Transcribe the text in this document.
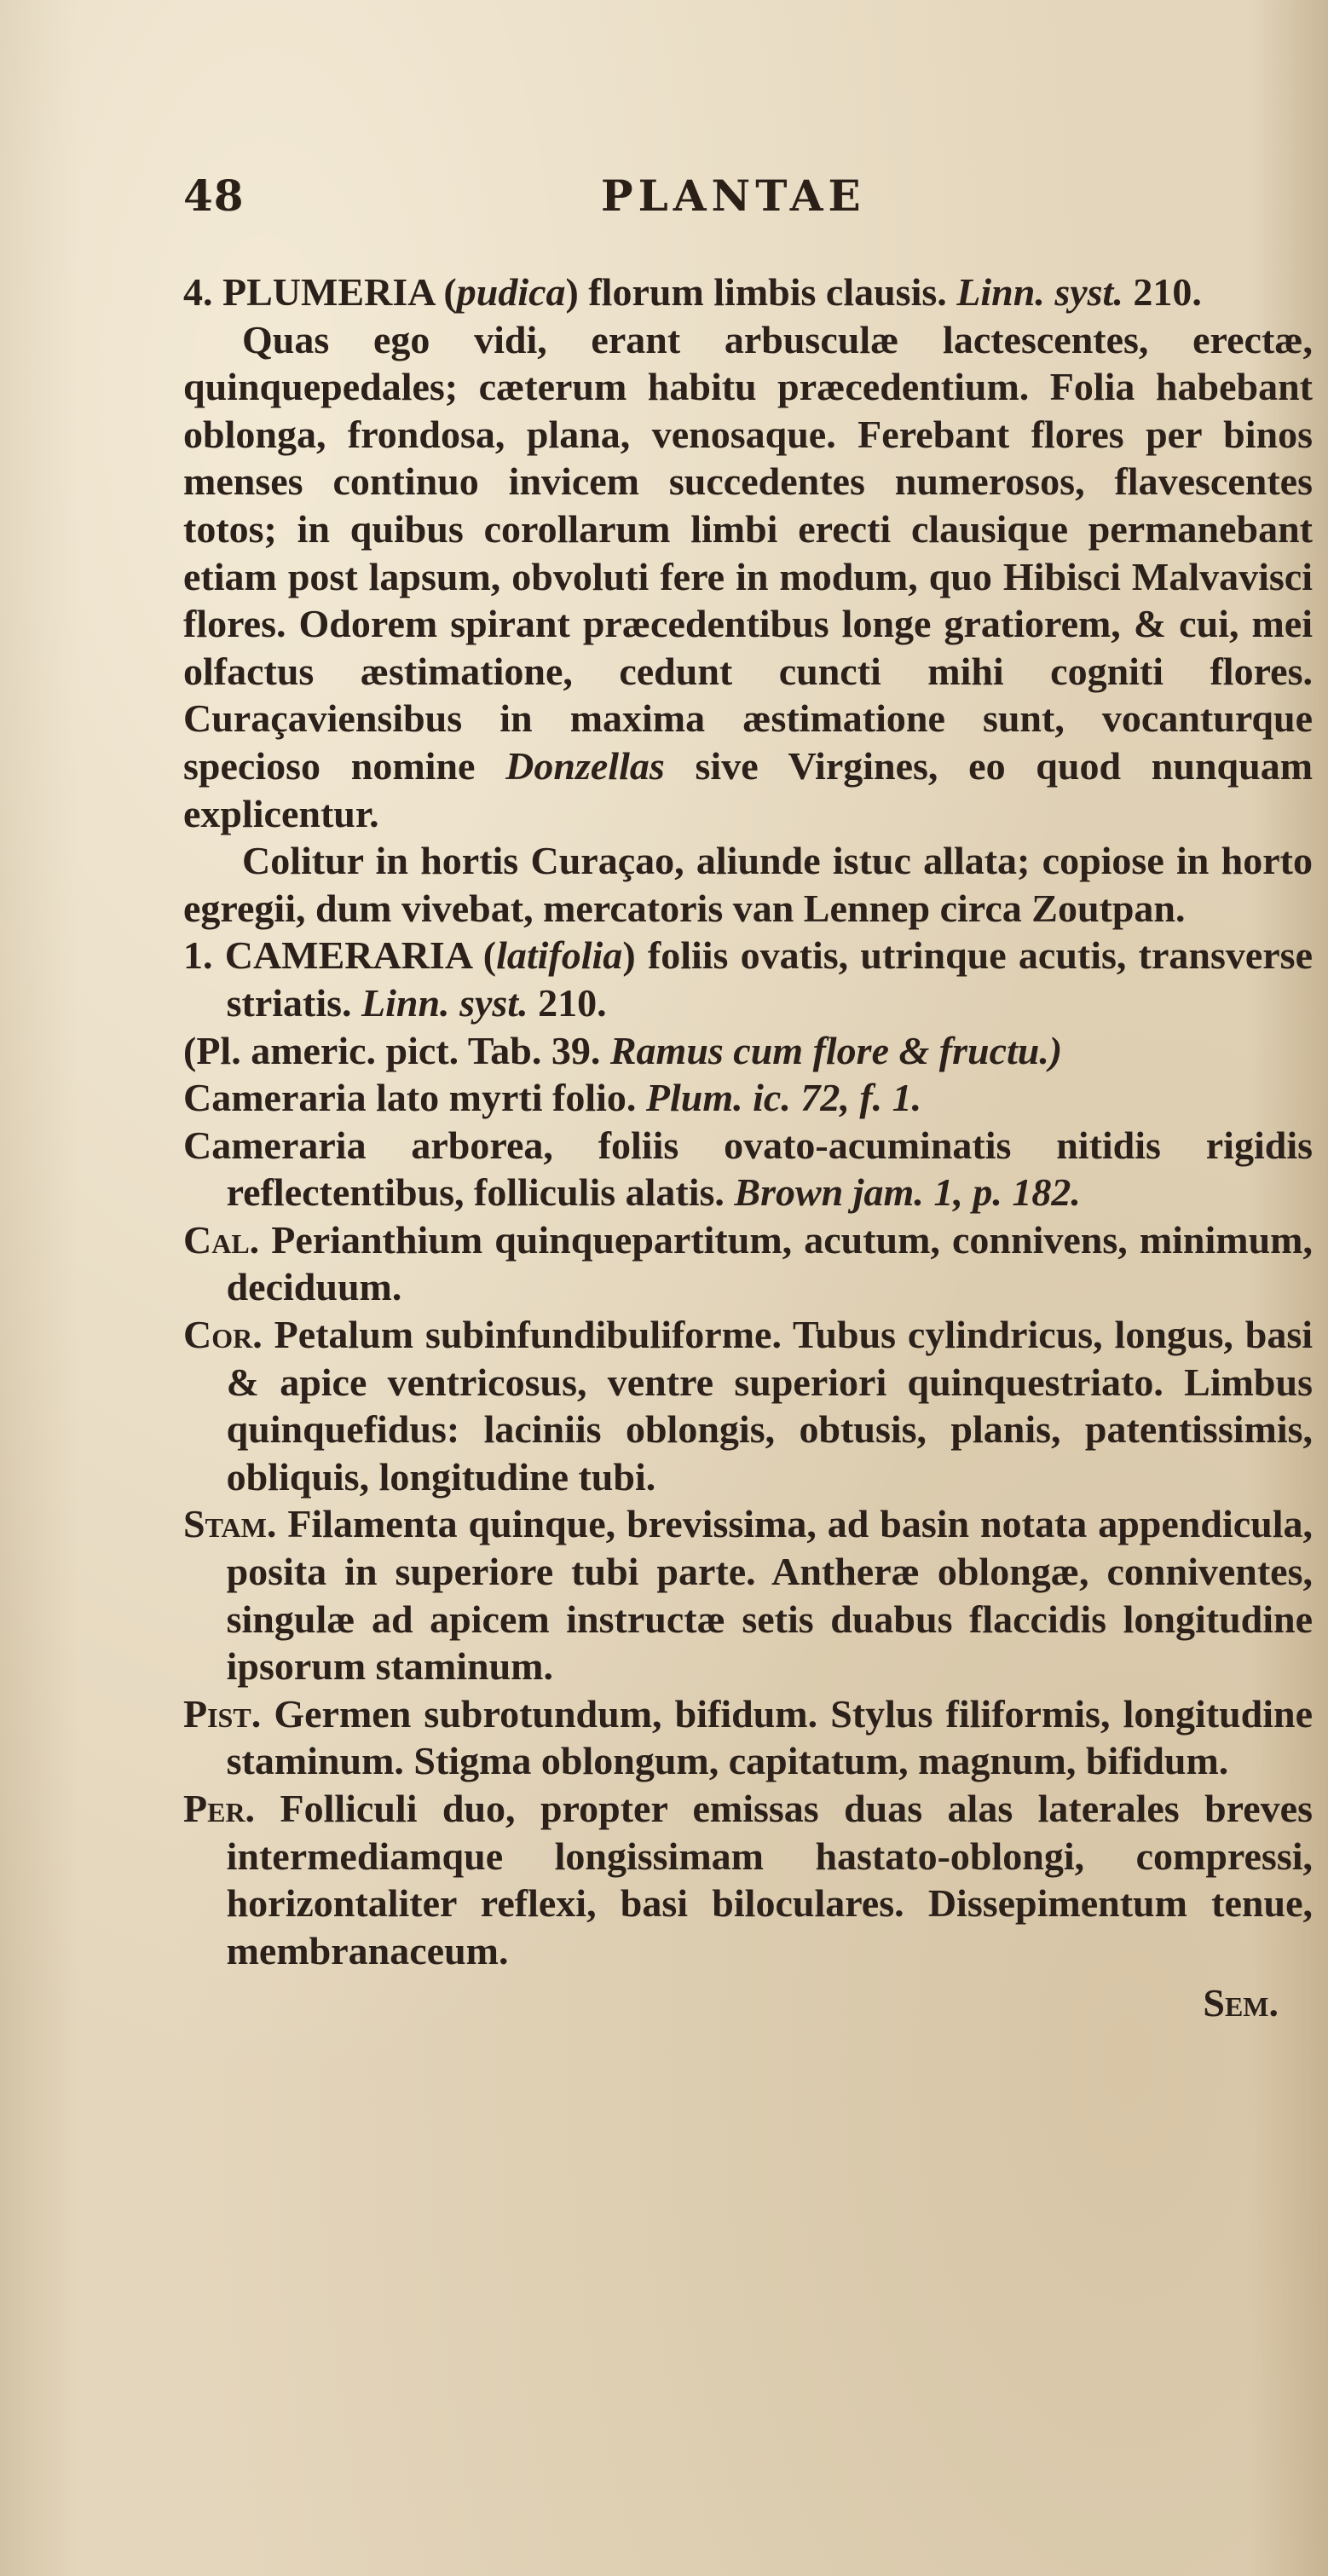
48	PLANTAE

4. PLUMERIA (pudica) florum limbis clausis. Linn. syst. 210.

Quas ego vidi, erant arbusculæ lactescentes, erectæ, quinquepedales; cæterum habitu præcedentium. Folia habebant oblonga, frondosa, plana, venosaque. Ferebant flores per binos menses continuo invicem succedentes numerosos, flavescentes totos; in quibus corollarum limbi erecti clausique permanebant etiam post lapsum, obvoluti fere in modum, quo Hibisci Malvavisci flores. Odorem spirant præcedentibus longe gratiorem, & cui, mei olfactus æstimatione, cedunt cuncti mihi cogniti flores. Curaçaviensibus in maxima æstimatione sunt, vocanturque specioso nomine Donzellas sive Virgines, eo quod nunquam explicentur.

Colitur in hortis Curaçao, aliunde istuc allata; copiose in horto egregii, dum vivebat, mercatoris van Lennep circa Zoutpan.

1. CAMERARIA (latifolia) foliis ovatis, utrinque acutis, transverse striatis. Linn. syst. 210.

(Pl. americ. pict. Tab. 39. Ramus cum flore & fructu.)

Cameraria lato myrti folio. Plum. ic. 72, f. 1.

Cameraria arborea, foliis ovato-acuminatis nitidis rigidis reflectentibus, folliculis alatis. Brown jam. 1, p. 182.

Cal. Perianthium quinquepartitum, acutum, connivens, minimum, deciduum.

Cor. Petalum subinfundibuliforme. Tubus cylindricus, longus, basi & apice ventricosus, ventre superiori quinquestriato. Limbus quinquefidus: laciniis oblongis, obtusis, planis, patentissimis, obliquis, longitudine tubi.

Stam. Filamenta quinque, brevissima, ad basin notata appendicula, posita in superiore tubi parte. Antheræ oblongæ, conniventes, singulæ ad apicem instructæ setis duabus flaccidis longitudine ipsorum staminum.

Pist. Germen subrotundum, bifidum. Stylus filiformis, longitudine staminum. Stigma oblongum, capitatum, magnum, bifidum.

Per. Folliculi duo, propter emissas duas alas laterales breves intermediamque longissimam hastato-oblongi, compressi, horizontaliter reflexi, basi biloculares. Dissepimentum tenue, membranaceum.

Sem.
